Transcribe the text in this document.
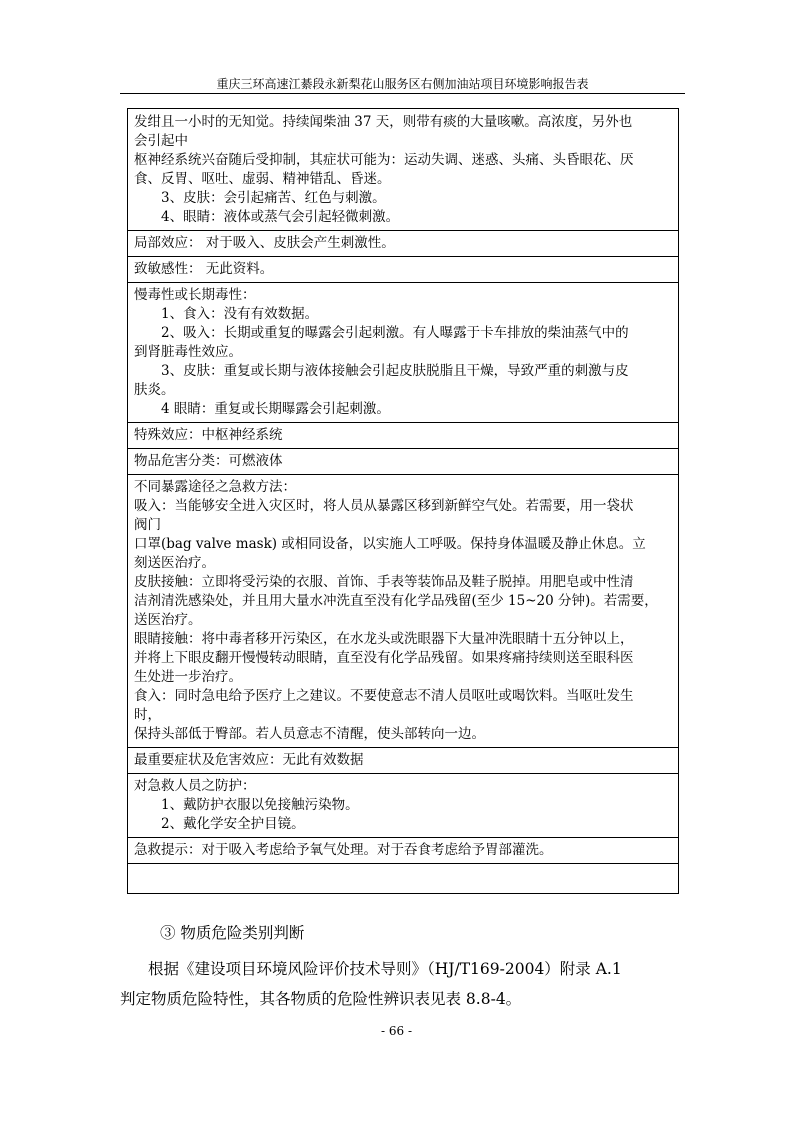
重庆三环高速江綦段永新梨花山服务区右侧加油站项目环境影响报告表
发绀且一小时的无知觉。持续闻柴油 37 天，则带有痰的大量咳嗽。高浓度，另外也
会引起中
枢神经系统兴奋随后受抑制，其症状可能为：运动失调、迷惑、头痛、头昏眼花、厌
食、反胃、呕吐、虚弱、精神错乱、昏迷。
3、皮肤：会引起痛苦、红色与刺激。
4、眼睛：液体或蒸气会引起轻微刺激。
局部效应： 对于吸入、皮肤会产生刺激性。
致敏感性： 无此资料。
慢毒性或长期毒性：
1、食入：没有有效数据。
2、吸入：长期或重复的曝露会引起刺激。有人曝露于卡车排放的柴油蒸气中的
到肾脏毒性效应。
3、皮肤：重复或长期与液体接触会引起皮肤脱脂且干燥，导致严重的刺激与皮
肤炎。
4 眼睛：重复或长期曝露会引起刺激。
特殊效应：中枢神经系统
物品危害分类：可燃液体
不同暴露途径之急救方法：
吸入：当能够安全进入灾区时，将人员从暴露区移到新鲜空气处。若需要，用一袋状
阀门
口罩(bag valve mask) 或相同设备，以实施人工呼吸。保持身体温暖及静止休息。立
刻送医治疗。
皮肤接触：立即将受污染的衣服、首饰、手表等装饰品及鞋子脱掉。用肥皂或中性清
洁剂清洗感染处，并且用大量水冲洗直至没有化学品残留(至少 15~20 分钟)。若需要，
送医治疗。
眼睛接触：将中毒者移开污染区，在水龙头或洗眼器下大量冲洗眼睛十五分钟以上，
并将上下眼皮翻开慢慢转动眼睛，直至没有化学品残留。如果疼痛持续则送至眼科医
生处进一步治疗。
食入：同时急电给予医疗上之建议。不要使意志不清人员呕吐或喝饮料。当呕吐发生
时，
保持头部低于臀部。若人员意志不清醒，使头部转向一边。
最重要症状及危害效应：无此有效数据
对急救人员之防护：
1、戴防护衣服以免接触污染物。
2、戴化学安全护目镜。
急救提示：对于吸入考虑给予氧气处理。对于吞食考虑给予胃部灌洗。
③ 物质危险类别判断
根据《建设项目环境风险评价技术导则》（HJ/T169-2004）附录 A.1
判定物质危险特性，其各物质的危险性辨识表见表 8.8-4。
- 66 -
